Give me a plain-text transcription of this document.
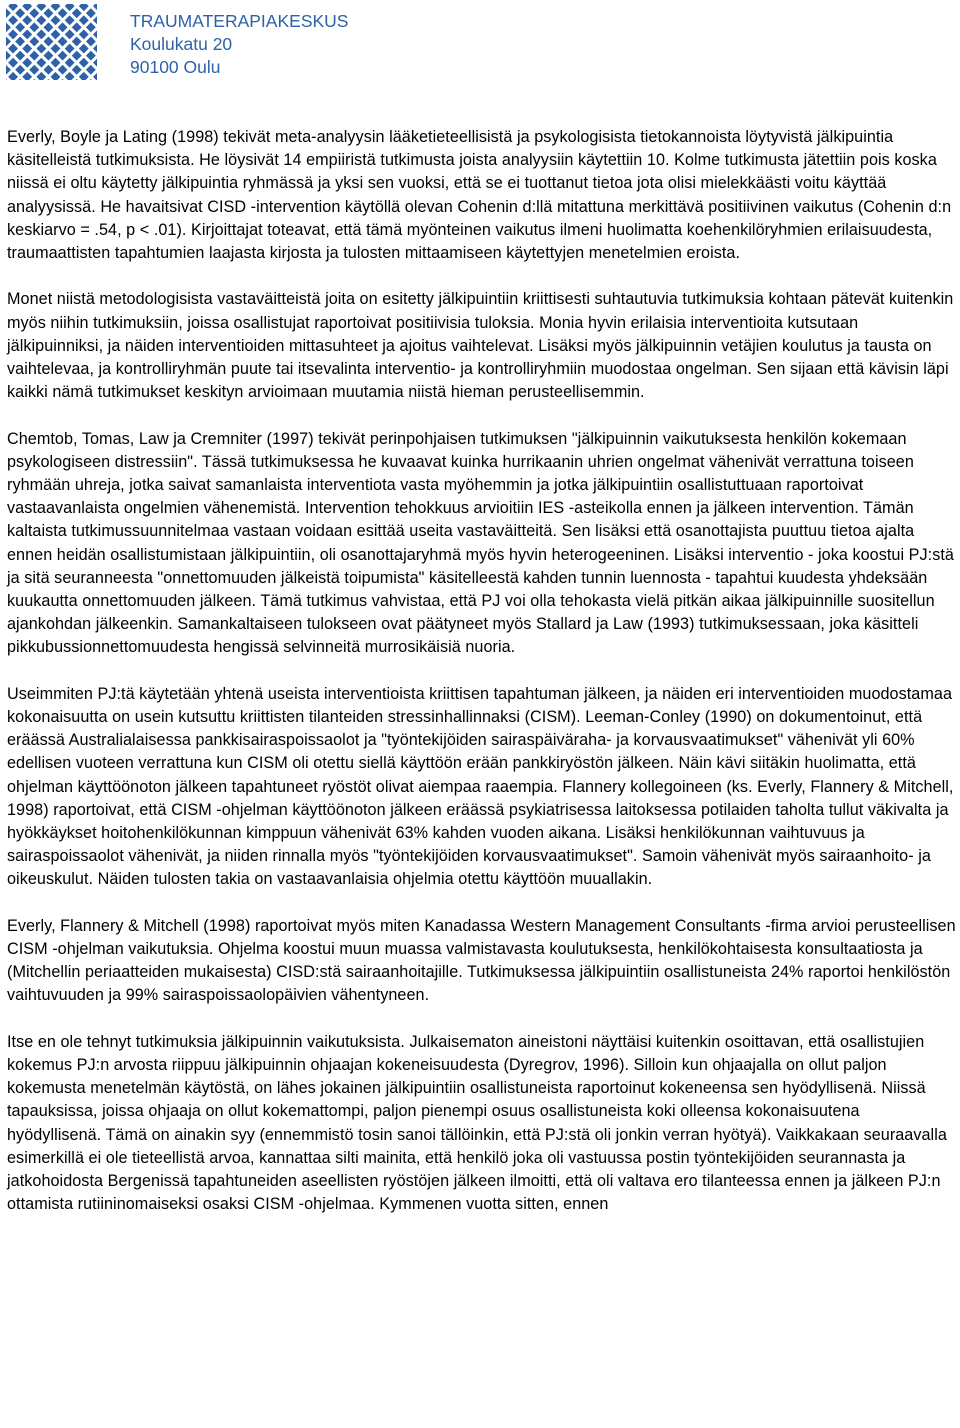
TRAUMATERAPIAKESKUS
Koulukatu 20
90100 Oulu

Everly, Boyle ja Lating (1998) tekivät meta-analyysin lääketieteellisistä ja psykologisista tietokannoista löytyvistä jälkipuintia käsitelleistä tutkimuksista. He löysivät 14 empiiristä tutkimusta joista analyysiin käytettiin 10. Kolme tutkimusta jätettiin pois koska niissä ei oltu käytetty jälkipuintia ryhmässä ja yksi sen vuoksi, että se ei tuottanut tietoa jota olisi mielekkäästi voitu käyttää analyysissä. He havaitsivat CISD -intervention käytöllä olevan Cohenin d:llä mitattuna merkittävä positiivinen vaikutus (Cohenin d:n keskiarvo = .54, p < .01). Kirjoittajat toteavat, että tämä myönteinen vaikutus ilmeni huolimatta koehenkilöryhmien erilaisuudesta, traumaattisten tapahtumien laajasta kirjosta ja tulosten mittaamiseen käytettyjen menetelmien eroista.

Monet niistä metodologisista vastaväitteistä joita on esitetty jälkipuintiin kriittisesti suhtautuvia tutkimuksia kohtaan pätevät kuitenkin myös niihin tutkimuksiin, joissa osallistujat raportoivat positiivisia tuloksia. Monia hyvin erilaisia interventioita kutsutaan jälkipuinniksi, ja näiden interventioiden mittasuhteet ja ajoitus vaihtelevat. Lisäksi myös jälkipuinnin vetäjien koulutus ja tausta on vaihtelevaa, ja kontrolliryhmän puute tai itsevalinta interventio- ja kontrolliryhmiin muodostaa ongelman. Sen sijaan että kävisin läpi kaikki nämä tutkimukset keskityn arvioimaan muutamia niistä hieman perusteellisemmin.

Chemtob, Tomas, Law ja Cremniter (1997) tekivät perinpohjaisen tutkimuksen "jälkipuinnin vaikutuksesta henkilön kokemaan psykologiseen distressiin". Tässä tutkimuksessa he kuvaavat kuinka hurrikaanin uhrien ongelmat vähenivät verrattuna toiseen ryhmään uhreja, jotka saivat samanlaista interventiota vasta myöhemmin ja jotka jälkipuintiin osallistuttuaan raportoivat vastaavanlaista ongelmien vähenemistä. Intervention tehokkuus arvioitiin IES -asteikolla ennen ja jälkeen intervention. Tämän kaltaista tutkimussuunnitelmaa vastaan voidaan esittää useita vastaväitteitä. Sen lisäksi että osanottajista puuttuu tietoa ajalta ennen heidän osallistumistaan jälkipuintiin, oli osanottajaryhmä myös hyvin heterogeeninen. Lisäksi interventio - joka koostui PJ:stä ja sitä seuranneesta "onnettomuuden jälkeistä toipumista" käsitelleestä kahden tunnin luennosta - tapahtui kuudesta yhdeksään kuukautta onnettomuuden jälkeen. Tämä tutkimus vahvistaa, että PJ voi olla tehokasta vielä pitkän aikaa jälkipuinnille suositellun ajankohdan jälkeenkin. Samankaltaiseen tulokseen ovat päätyneet myös Stallard ja Law (1993) tutkimuksessaan, joka käsitteli pikkubussionnettomuudesta hengissä selvinneitä murrosikäisiä nuoria.

Useimmiten PJ:tä käytetään yhtenä useista interventioista kriittisen tapahtuman jälkeen, ja näiden eri interventioiden muodostamaa kokonaisuutta on usein kutsuttu kriittisten tilanteiden stressinhallinnaksi (CISM). Leeman-Conley (1990) on dokumentoinut, että eräässä Australialaisessa pankkisairaspoissaolot ja "työntekijöiden sairaspäiväraha- ja korvausvaatimukset" vähenivät yli 60% edellisen vuoteen verrattuna kun CISM oli otettu siellä käyttöön erään pankkiryöstön jälkeen. Näin kävi siitäkin huolimatta, että ohjelman käyttöönoton jälkeen tapahtuneet ryöstöt olivat aiempaa raaempia. Flannery kollegoineen (ks. Everly, Flannery & Mitchell, 1998) raportoivat, että CISM -ohjelman käyttöönoton jälkeen eräässä psykiatrisessa laitoksessa potilaiden taholta tullut väkivalta ja hyökkäykset hoitohenkilökunnan kimppuun vähenivät 63% kahden vuoden aikana. Lisäksi henkilökunnan vaihtuvuus ja sairaspoissaolot vähenivät, ja niiden rinnalla myös "työntekijöiden korvausvaatimukset". Samoin vähenivät myös sairaanhoito- ja oikeuskulut. Näiden tulosten takia on vastaavanlaisia ohjelmia otettu käyttöön muuallakin.

Everly, Flannery & Mitchell (1998) raportoivat myös miten Kanadassa Western Management Consultants -firma arvioi perusteellisen CISM -ohjelman vaikutuksia. Ohjelma koostui muun muassa valmistavasta koulutuksesta, henkilökohtaisesta konsultaatiosta ja (Mitchellin periaatteiden mukaisesta) CISD:stä sairaanhoitajille. Tutkimuksessa jälkipuintiin osallistuneista 24% raportoi henkilöstön vaihtuvuuden ja 99% sairaspoissaolopäivien vähentyneen.

Itse en ole tehnyt tutkimuksia jälkipuinnin vaikutuksista. Julkaisematon aineistoni näyttäisi kuitenkin osoittavan, että osallistujien kokemus PJ:n arvosta riippuu jälkipuinnin ohjaajan kokeneisuudesta (Dyregrov, 1996). Silloin kun ohjaajalla on ollut paljon kokemusta menetelmän käytöstä, on lähes jokainen jälkipuintiin osallistuneista raportoinut kokeneensa sen hyödyllisenä. Niissä tapauksissa, joissa ohjaaja on ollut kokemattompi, paljon pienempi osuus osallistuneista koki olleensa kokonaisuutena hyödyllisenä. Tämä on ainakin syy (ennemmistö tosin sanoi tällöinkin, että PJ:stä oli jonkin verran hyötyä). Vaikkakaan seuraavalla esimerkillä ei ole tieteellistä arvoa, kannattaa silti mainita, että henkilö joka oli vastuussa postin työntekijöiden seurannasta ja jatkohoidosta Bergenissä tapahtuneiden aseellisten ryöstöjen jälkeen ilmoitti, että oli valtava ero tilanteessa ennen ja jälkeen PJ:n ottamista rutiininomaiseksi osaksi CISM -ohjelmaa. Kymmenen vuotta sitten, ennen
